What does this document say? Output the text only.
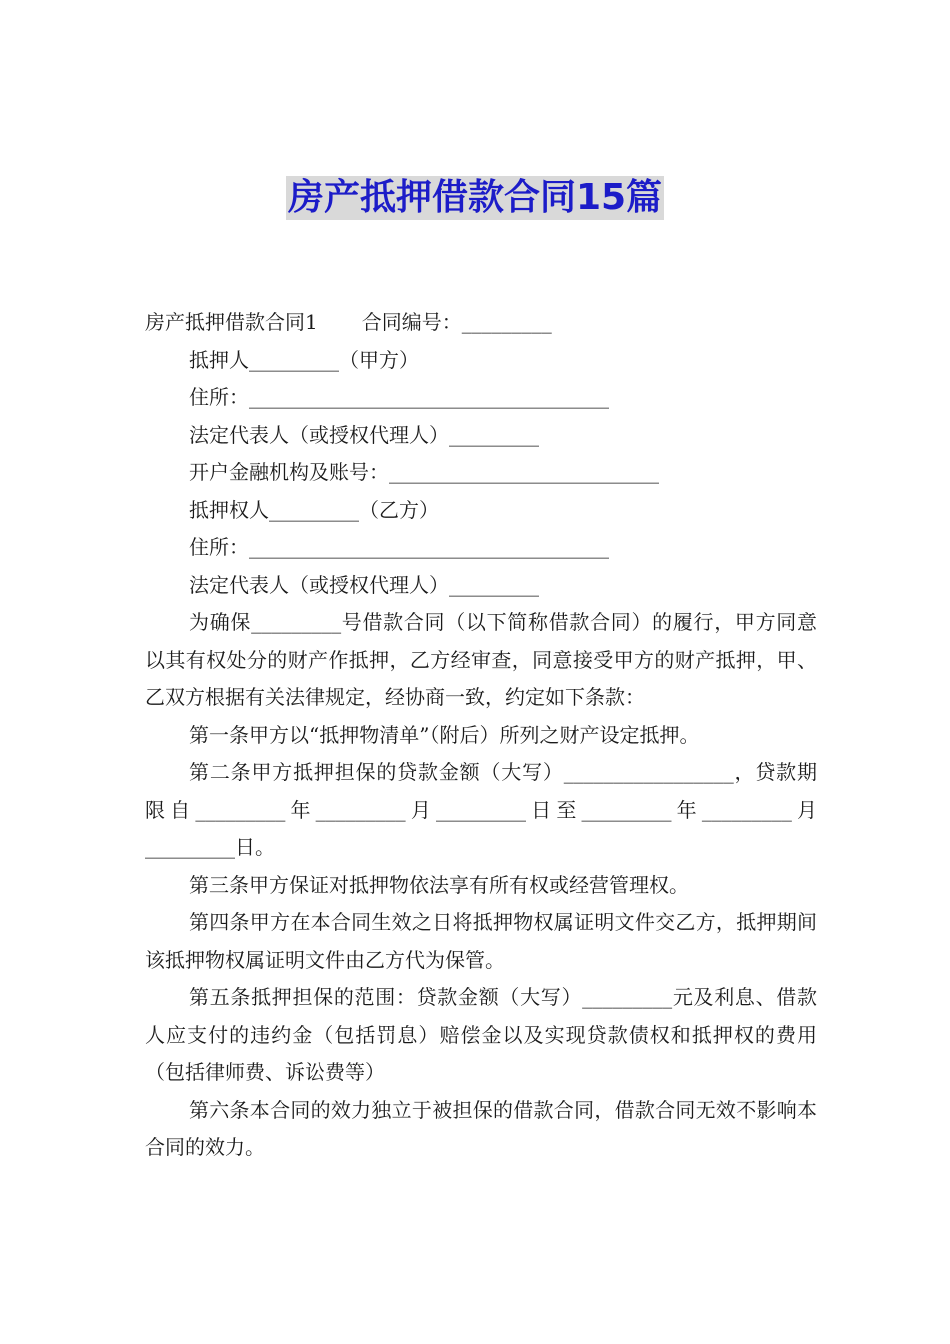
房产抵押借款合同15篇
房产抵押借款合同1 合同编号：_________
抵押人_________（甲方）
住所：____________________________________
法定代表人（或授权代理人）_________
开户金融机构及账号：___________________________
抵押权人_________（乙方）
住所：____________________________________
法定代表人（或授权代理人）_________
为确保_________号借款合同（以下简称借款合同）的履行，甲方同意以其有权处分的财产作抵押，乙方经审查，同意接受甲方的财产抵押，甲、乙双方根据有关法律规定，经协商一致，约定如下条款：
第一条甲方以“抵押物清单”（附后）所列之财产设定抵押。
第二条甲方抵押担保的贷款金额（大写）_________________，贷款期限自_________年_________月_________日至_________年_________月_________日。
第三条甲方保证对抵押物依法享有所有权或经营管理权。
第四条甲方在本合同生效之日将抵押物权属证明文件交乙方，抵押期间该抵押物权属证明文件由乙方代为保管。
第五条抵押担保的范围：贷款金额（大写）_________元及利息、借款人应支付的违约金（包括罚息）赔偿金以及实现贷款债权和抵押权的费用（包括律师费、诉讼费等）
第六条本合同的效力独立于被担保的借款合同，借款合同无效不影响本合同的效力。
